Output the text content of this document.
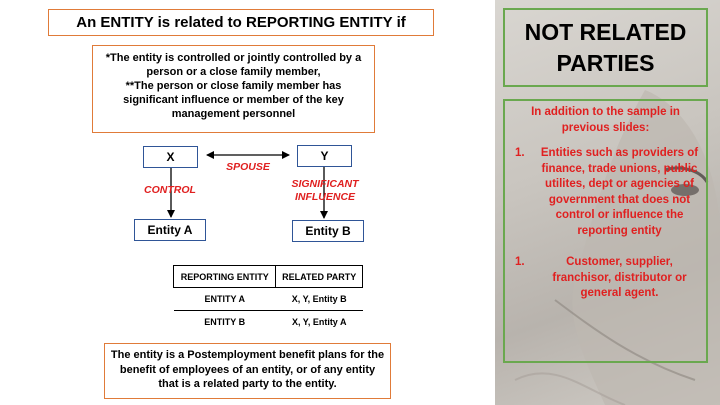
An ENTITY is related to REPORTING ENTITY if
*The entity is controlled or jointly controlled by a person or a close family member,
**The person or close family member has significant influence or member of the key management personnel
X	Y
Entity A	Entity B
SPOUSE
CONTROL	SIGNIFICANT
INFLUENCE
REPORTING ENTITY	RELATED PARTY
ENTITY A	X, Y, Entity B
ENTITY B	X, Y, Entity A
The entity is a Postemployment benefit plans for the benefit of employees of an entity, or of any entity that is a related party to the entity.
NOT RELATED
PARTIES
In addition to the sample in
previous slides:
1.	Entities such as providers of finance, trade unions, public utilites, dept or agencies of government that does not control or influence the reporting entity
1.	Customer, supplier, franchisor, distributor or general agent.
